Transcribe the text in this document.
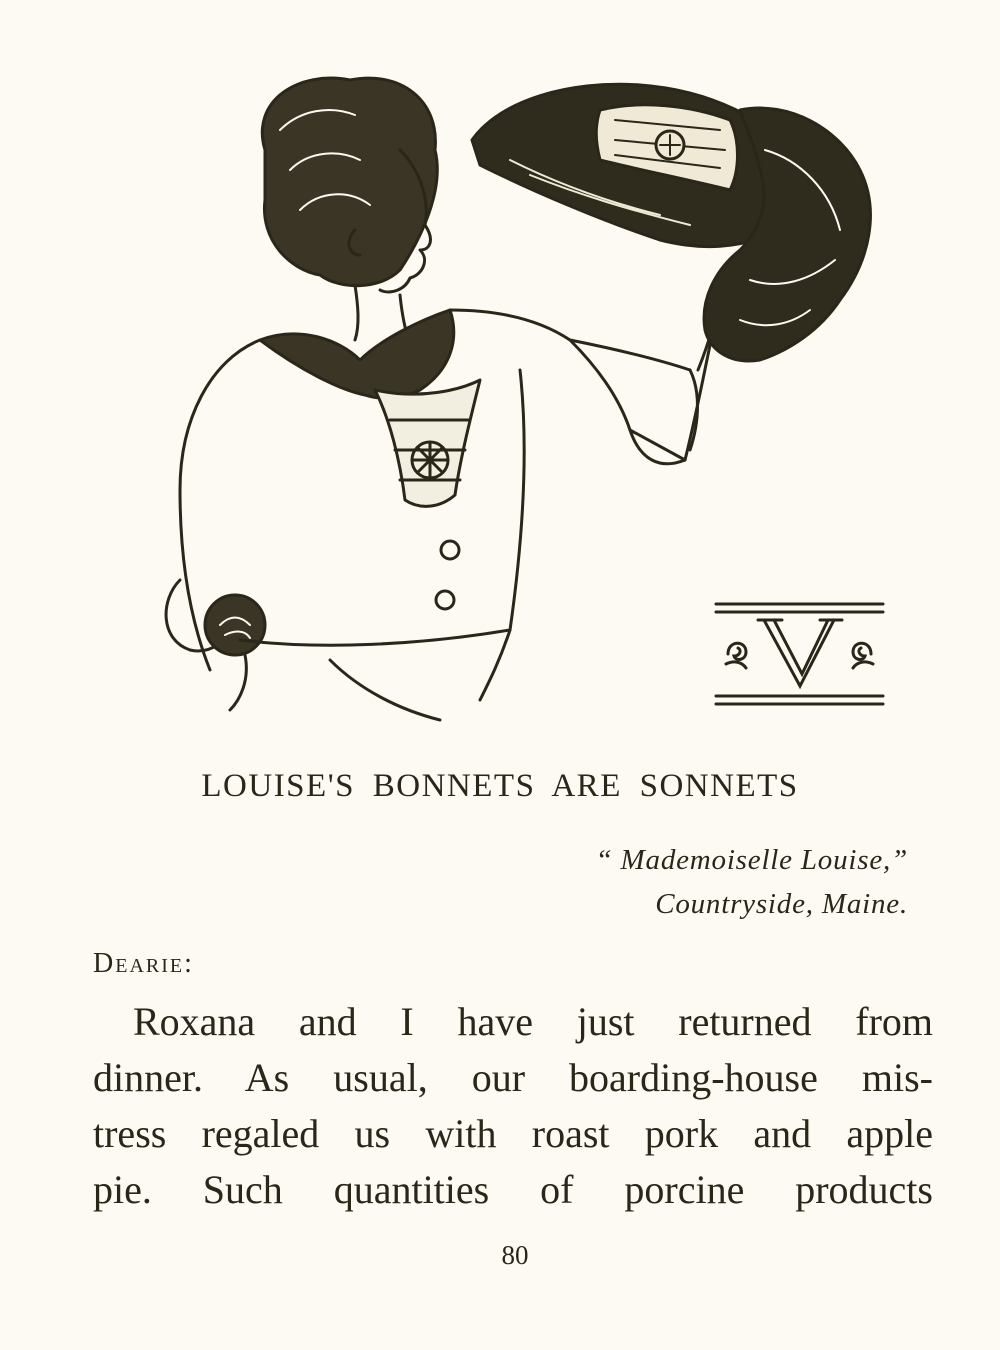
LOUISE'S BONNETS ARE SONNETS
“ Mademoiselle Louise,”
Countryside, Maine.
Dearie:
Roxana and I have just returned from
dinner. As usual, our boarding-house mis-
tress regaled us with roast pork and apple
pie. Such quantities of porcine products
80
